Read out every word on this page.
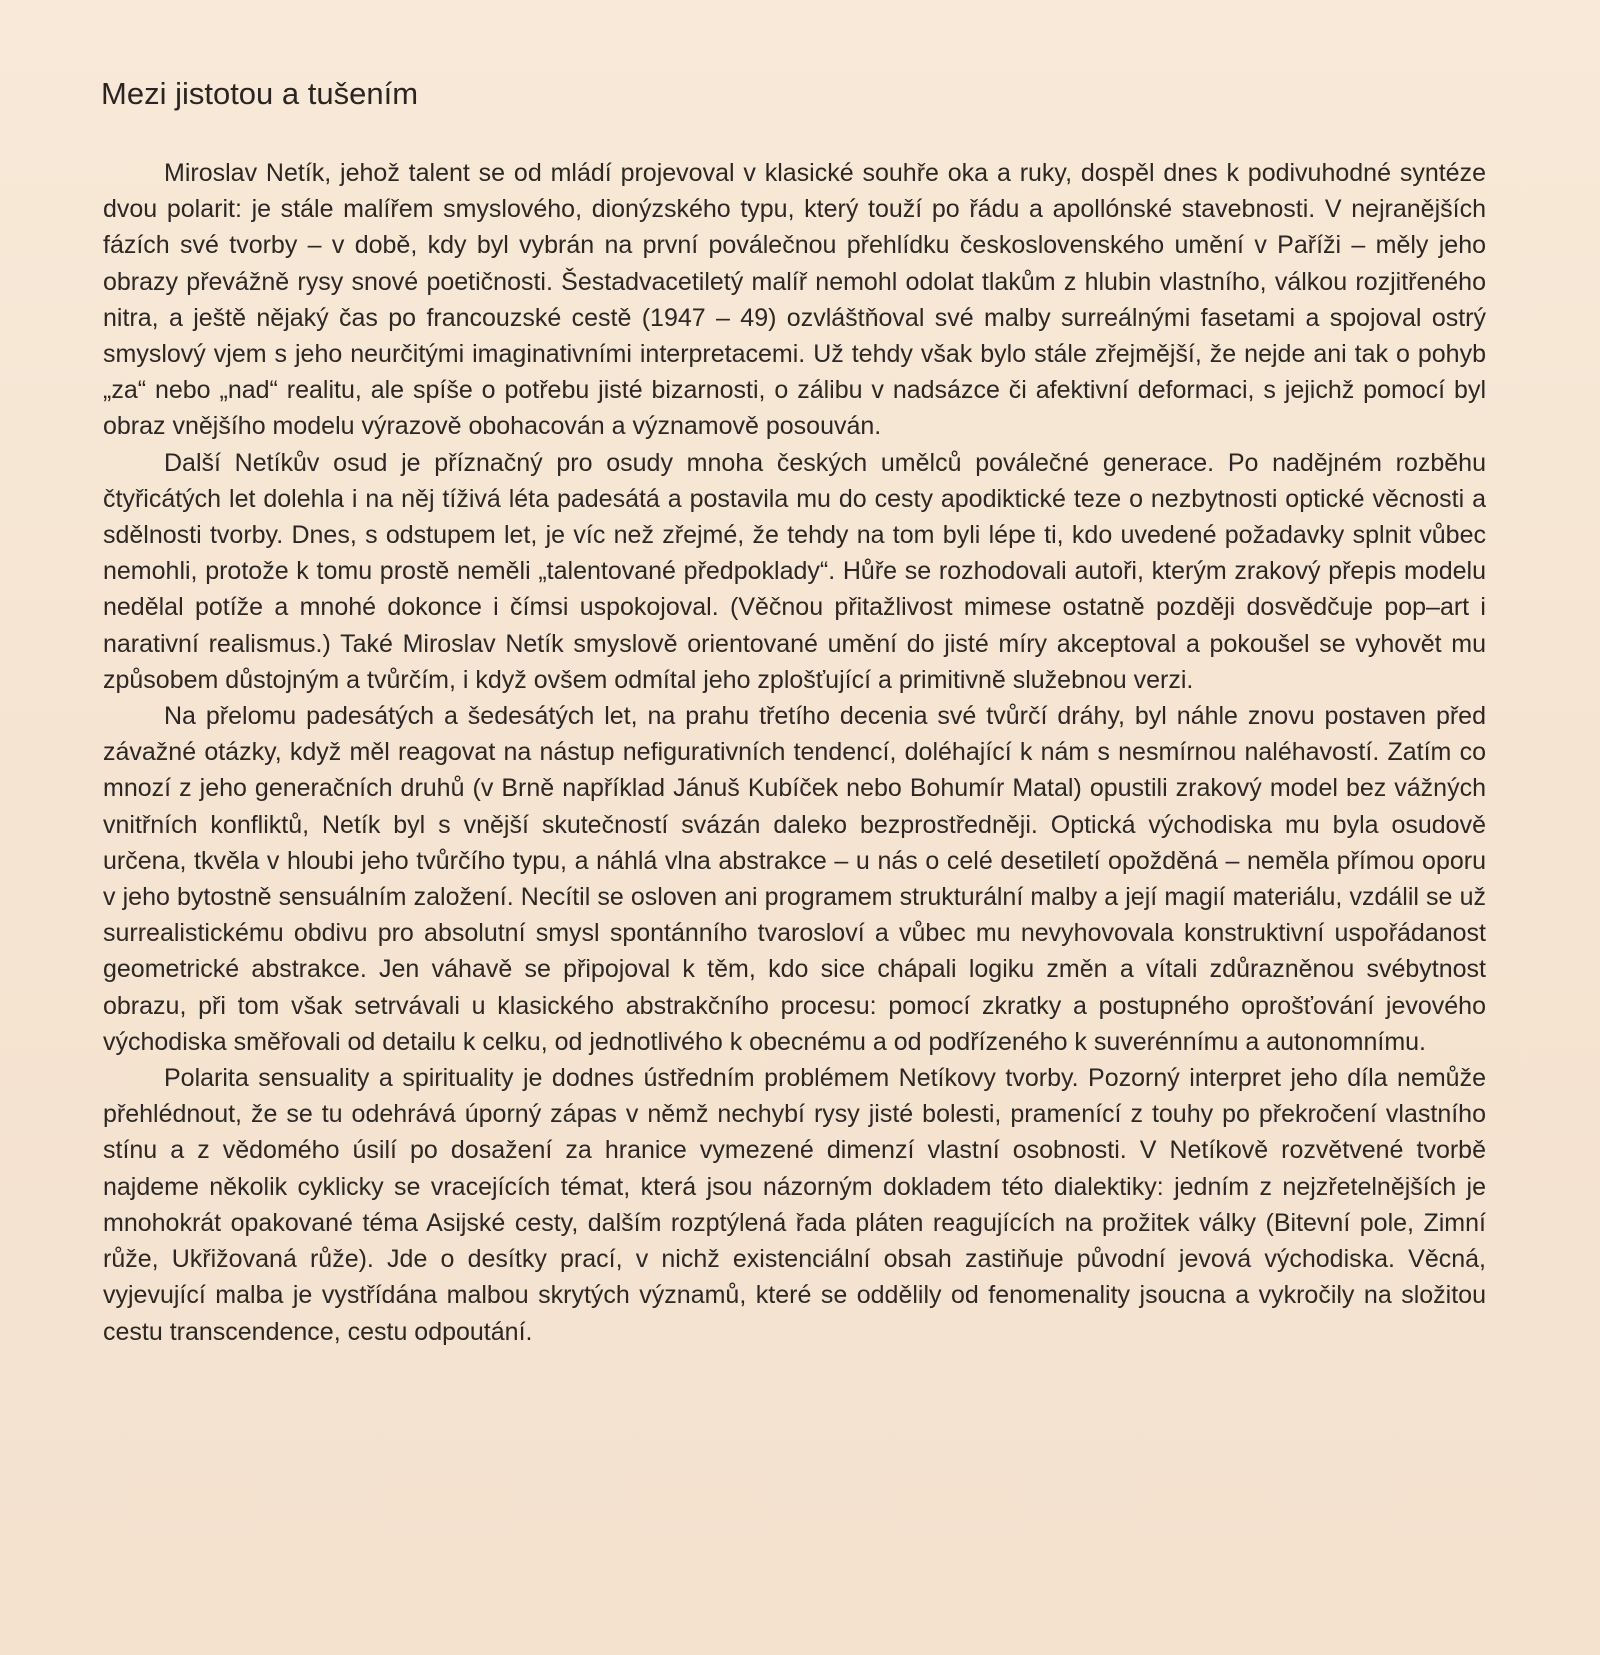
Mezi jistotou a tušením

Miroslav Netík, jehož talent se od mládí projevoval v klasické souhře oka a ruky, dospěl dnes k podivuhodné syntéze dvou polarit: je stále malířem smyslového, dionýzského typu, který touží po řádu a apollónské stavebnosti. V nejranějších fázích své tvorby – v době, kdy byl vybrán na první poválečnou přehlídku československého umění v Paříži – měly jeho obrazy převážně rysy snové poetičnosti. Šestadvacetiletý malíř nemohl odolat tlakům z hlubin vlastního, válkou rozjitřeného nitra, a ještě nějaký čas po francouzské cestě (1947 – 49) ozvláštňoval své malby surreálnými fasetami a spojoval ostrý smyslový vjem s jeho neurčitými imaginativními interpretacemi. Už tehdy však bylo stále zřejmější, že nejde ani tak o pohyb „za“ nebo „nad“ realitu, ale spíše o potřebu jisté bizarnosti, o zálibu v nadsázce či afektivní deformaci, s jejichž pomocí byl obraz vnějšího modelu výrazově obohacován a významově posouván.

Další Netíkův osud je příznačný pro osudy mnoha českých umělců poválečné generace. Po nadějném rozběhu čtyřicátých let dolehla i na něj tíživá léta padesátá a postavila mu do cesty apodiktické teze o nezbytnosti optické věcnosti a sdělnosti tvorby. Dnes, s odstupem let, je víc než zřejmé, že tehdy na tom byli lépe ti, kdo uvedené požadavky splnit vůbec nemohli, protože k tomu prostě neměli „talentované předpoklady“. Hůře se rozhodovali autoři, kterým zrakový přepis modelu nedělal potíže a mnohé dokonce i čímsi uspokojoval. (Věčnou přitažlivost mimese ostatně později dosvědčuje pop–art i narativní realismus.) Také Miroslav Netík smyslově orientované umění do jisté míry akceptoval a pokoušel se vyhovět mu způsobem důstojným a tvůrčím, i když ovšem odmítal jeho zplošťující a primitivně služebnou verzi.

Na přelomu padesátých a šedesátých let, na prahu třetího decenia své tvůrčí dráhy, byl náhle znovu postaven před závažné otázky, když měl reagovat na nástup nefigurativních tendencí, doléhající k nám s nesmírnou naléhavostí. Zatím co mnozí z jeho generačních druhů (v Brně například Jánuš Kubíček nebo Bohumír Matal) opustili zrakový model bez vážných vnitřních konfliktů, Netík byl s vnější skutečností svázán daleko bezprostředněji. Optická východiska mu byla osudově určena, tkvěla v hloubi jeho tvůrčího typu, a náhlá vlna abstrakce – u nás o celé desetiletí opožděná – neměla přímou oporu v jeho bytostně sensuálním založení. Necítil se osloven ani programem strukturální malby a její magií materiálu, vzdálil se už surrealistickému obdivu pro absolutní smysl spontánního tvarosloví a vůbec mu nevyhovovala konstruktivní uspořádanost geometrické abstrakce. Jen váhavě se připojoval k těm, kdo sice chápali logiku změn a vítali zdůrazněnou svébytnost obrazu, při tom však setrvávali u klasického abstrakčního procesu: pomocí zkratky a postupného oprošťování jevového východiska směřovali od detailu k celku, od jednotlivého k obecnému a od podřízeného k suverénnímu a autonomnímu.

Polarita sensuality a spirituality je dodnes ústředním problémem Netíkovy tvorby. Pozorný interpret jeho díla nemůže přehlédnout, že se tu odehrává úporný zápas v němž nechybí rysy jisté bolesti, pramenící z touhy po překročení vlastního stínu a z vědomého úsilí po dosažení za hranice vymezené dimenzí vlastní osobnosti. V Netíkově rozvětvené tvorbě najdeme několik cyklicky se vracejících témat, která jsou názorným dokladem této dialektiky: jedním z nejzřetelnějších je mnohokrát opakované téma Asijské cesty, dalším rozptýlená řada pláten reagujících na prožitek války (Bitevní pole, Zimní růže, Ukřižovaná růže). Jde o desítky prací, v nichž existenciální obsah zastiňuje původní jevová východiska. Věcná, vyjevující malba je vystřídána malbou skrytých významů, které se oddělily od fenomenality jsoucna a vykročily na složitou cestu transcendence, cestu odpoutání.
